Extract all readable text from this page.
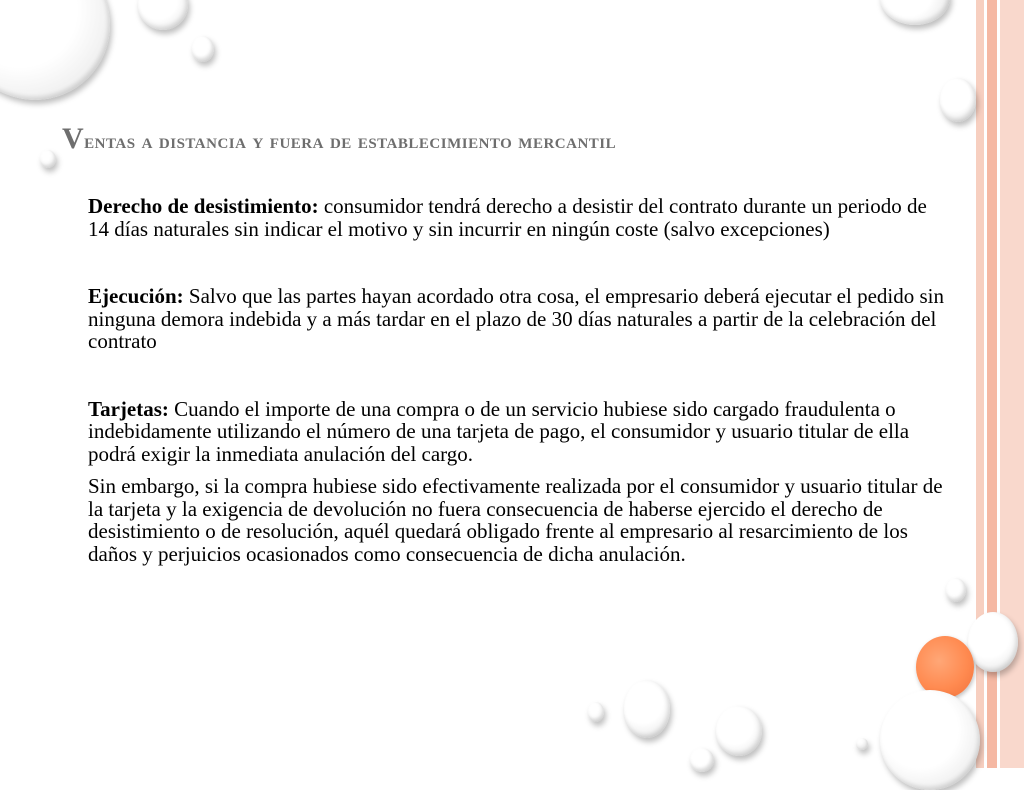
Ventas a distancia y fuera de establecimiento mercantil

Derecho de desistimiento: consumidor tendrá derecho a desistir del contrato durante un periodo de 14 días naturales sin indicar el motivo y sin incurrir en ningún coste (salvo excepciones)

Ejecución: Salvo que las partes hayan acordado otra cosa, el empresario deberá ejecutar el pedido sin ninguna demora indebida y a más tardar en el plazo de 30 días naturales a partir de la celebración del contrato

Tarjetas: Cuando el importe de una compra o de un servicio hubiese sido cargado fraudulenta o indebidamente utilizando el número de una tarjeta de pago, el consumidor y usuario titular de ella podrá exigir la inmediata anulación del cargo.

Sin embargo, si la compra hubiese sido efectivamente realizada por el consumidor y usuario titular de la tarjeta y la exigencia de devolución no fuera consecuencia de haberse ejercido el derecho de desistimiento o de resolución, aquél quedará obligado frente al empresario al resarcimiento de los daños y perjuicios ocasionados como consecuencia de dicha anulación.
